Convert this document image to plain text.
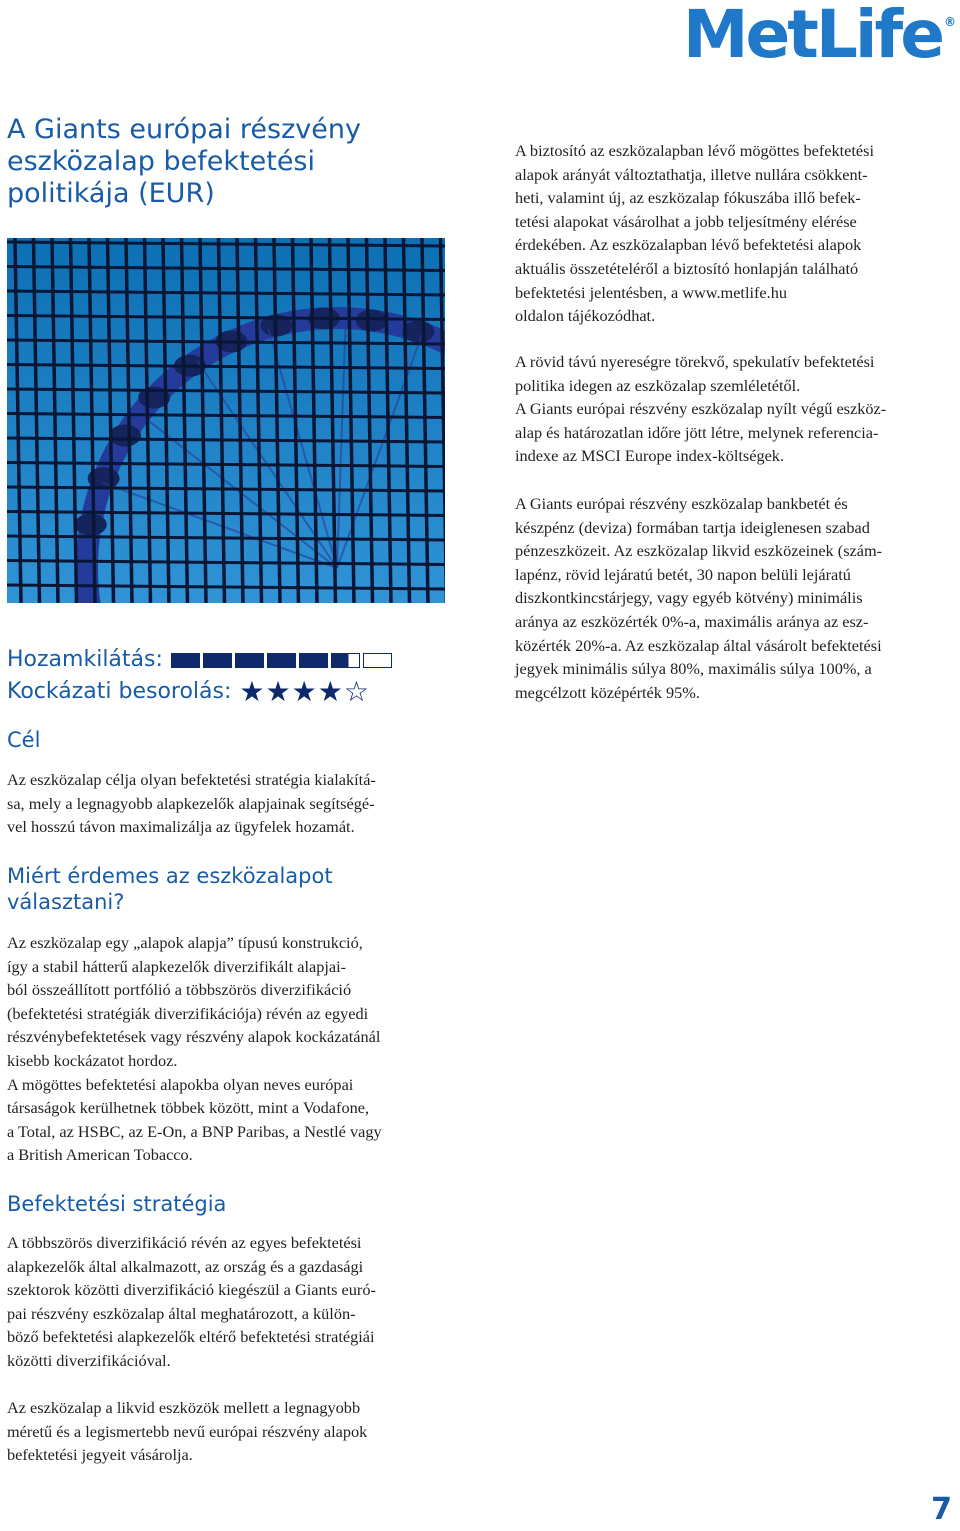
MetLife ®
A Giants európai részvény
eszközalap befektetési
politikája (EUR)
Hozamkilátás:
Kockázati besorolás: ★★★★☆
Cél

Az eszközalap célja olyan befektetési stratégia kialakítá-
sa, mely a legnagyobb alapkezelők alapjainak segítségé-
vel hosszú távon maximalizálja az ügyfelek hozamát.

Miért érdemes az eszközalapot
választani?

Az eszközalap egy „alapok alapja” típusú konstrukció,
így a stabil hátterű alapkezelők diverzifikált alapjai-
ból összeállított portfólió a többszörös diverzifikáció
(befektetési stratégiák diverzifikációja) révén az egyedi
részvénybefektetések vagy részvény alapok kockázatánál
kisebb kockázatot hordoz.
A mögöttes befektetési alapokba olyan neves európai
társaságok kerülhetnek többek között, mint a Vodafone,
a Total, az HSBC, az E-On, a BNP Paribas, a Nestlé vagy
a British American Tobacco.

Befektetési stratégia

A többszörös diverzifikáció révén az egyes befektetési
alapkezelők által alkalmazott, az ország és a gazdasági
szektorok közötti diverzifikáció kiegészül a Giants euró-
pai részvény eszközalap által meghatározott, a külön-
böző befektetési alapkezelők eltérő befektetési stratégiái
közötti diverzifikációval.

Az eszközalap a likvid eszközök mellett a legnagyobb
méretű és a legismertebb nevű európai részvény alapok
befektetési jegyeit vásárolja.

A biztosító az eszközalapban lévő mögöttes befektetési
alapok arányát változtathatja, illetve nullára csökkent-
heti, valamint új, az eszközalap fókuszába illő befek-
tetési alapokat vásárolhat a jobb teljesítmény elérése
érdekében. Az eszközalapban lévő befektetési alapok
aktuális összetételéről a biztosító honlapján található
befektetési jelentésben, a www.metlife.hu
oldalon tájékozódhat.

A rövid távú nyereségre törekvő, spekulatív befektetési
politika idegen az eszközalap szemléletétől.
A Giants európai részvény eszközalap nyílt végű eszköz-
alap és határozatlan időre jött létre, melynek referencia-
indexe az MSCI Europe index-költségek.

A Giants európai részvény eszközalap bankbetét és
készpénz (deviza) formában tartja ideiglenesen szabad
pénzeszközeit. Az eszközalap likvid eszközeinek (szám-
lapénz, rövid lejáratú betét, 30 napon belüli lejáratú
diszkontkincstárjegy, vagy egyéb kötvény) minimális
aránya az eszközérték 0%-a, maximális aránya az esz-
közérték 20%-a. Az eszközalap által vásárolt befektetési
jegyek minimális súlya 80%, maximális súlya 100%, a
megcélzott középérték 95%.

7
